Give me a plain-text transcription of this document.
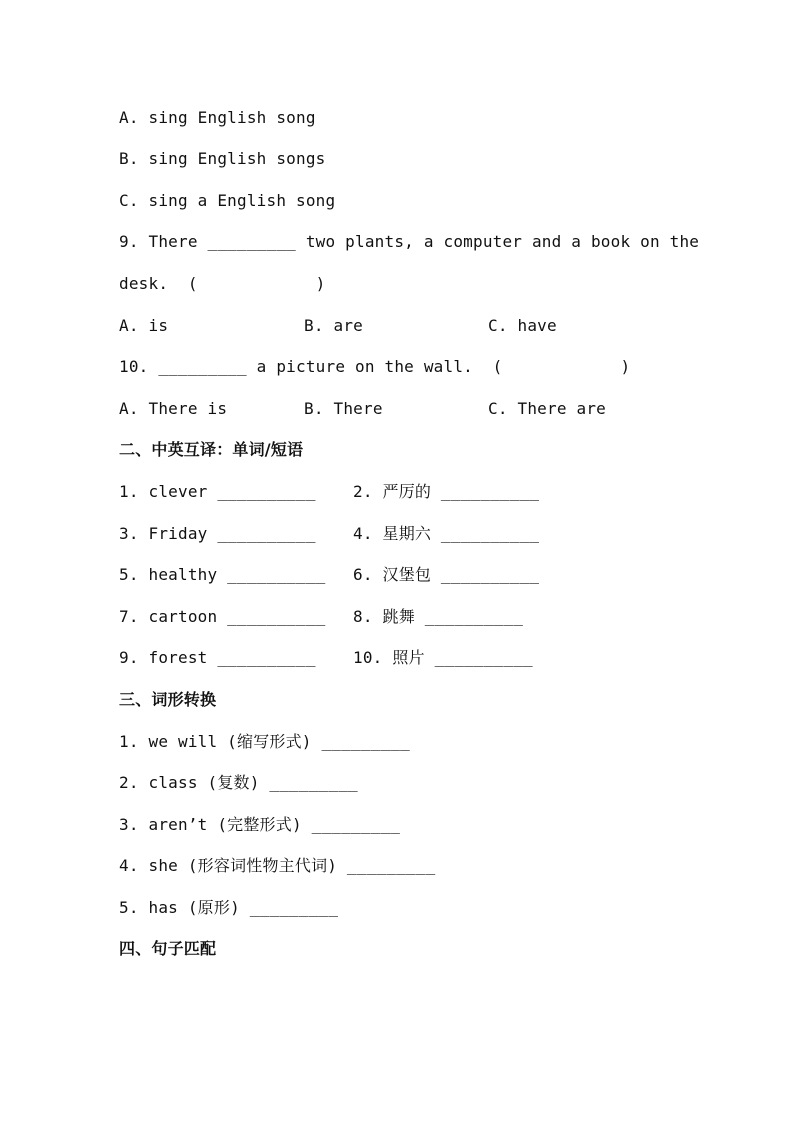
A. sing English song
B. sing English songs
C. sing a English song
9. There _________ two plants, a computer and a book on the
desk.  (            )

A. is

	B. are

	C. have

10. _________ a picture on the wall.  (            )

A. There is

	B. There

	C. There are

二、中英互译：单词/短语

1. clever __________

2. 严厉的 __________

3. Friday __________

4. 星期六 __________

5. healthy __________

6. 汉堡包 __________

7. cartoon __________

8. 跳舞 __________

9. forest __________

10. 照片 __________

三、词形转换
1. we will (缩写形式) _________
2. class (复数) _________
3. aren’t (完整形式) _________
4. she (形容词性物主代词) _________
5. has (原形) _________
四、句子匹配
